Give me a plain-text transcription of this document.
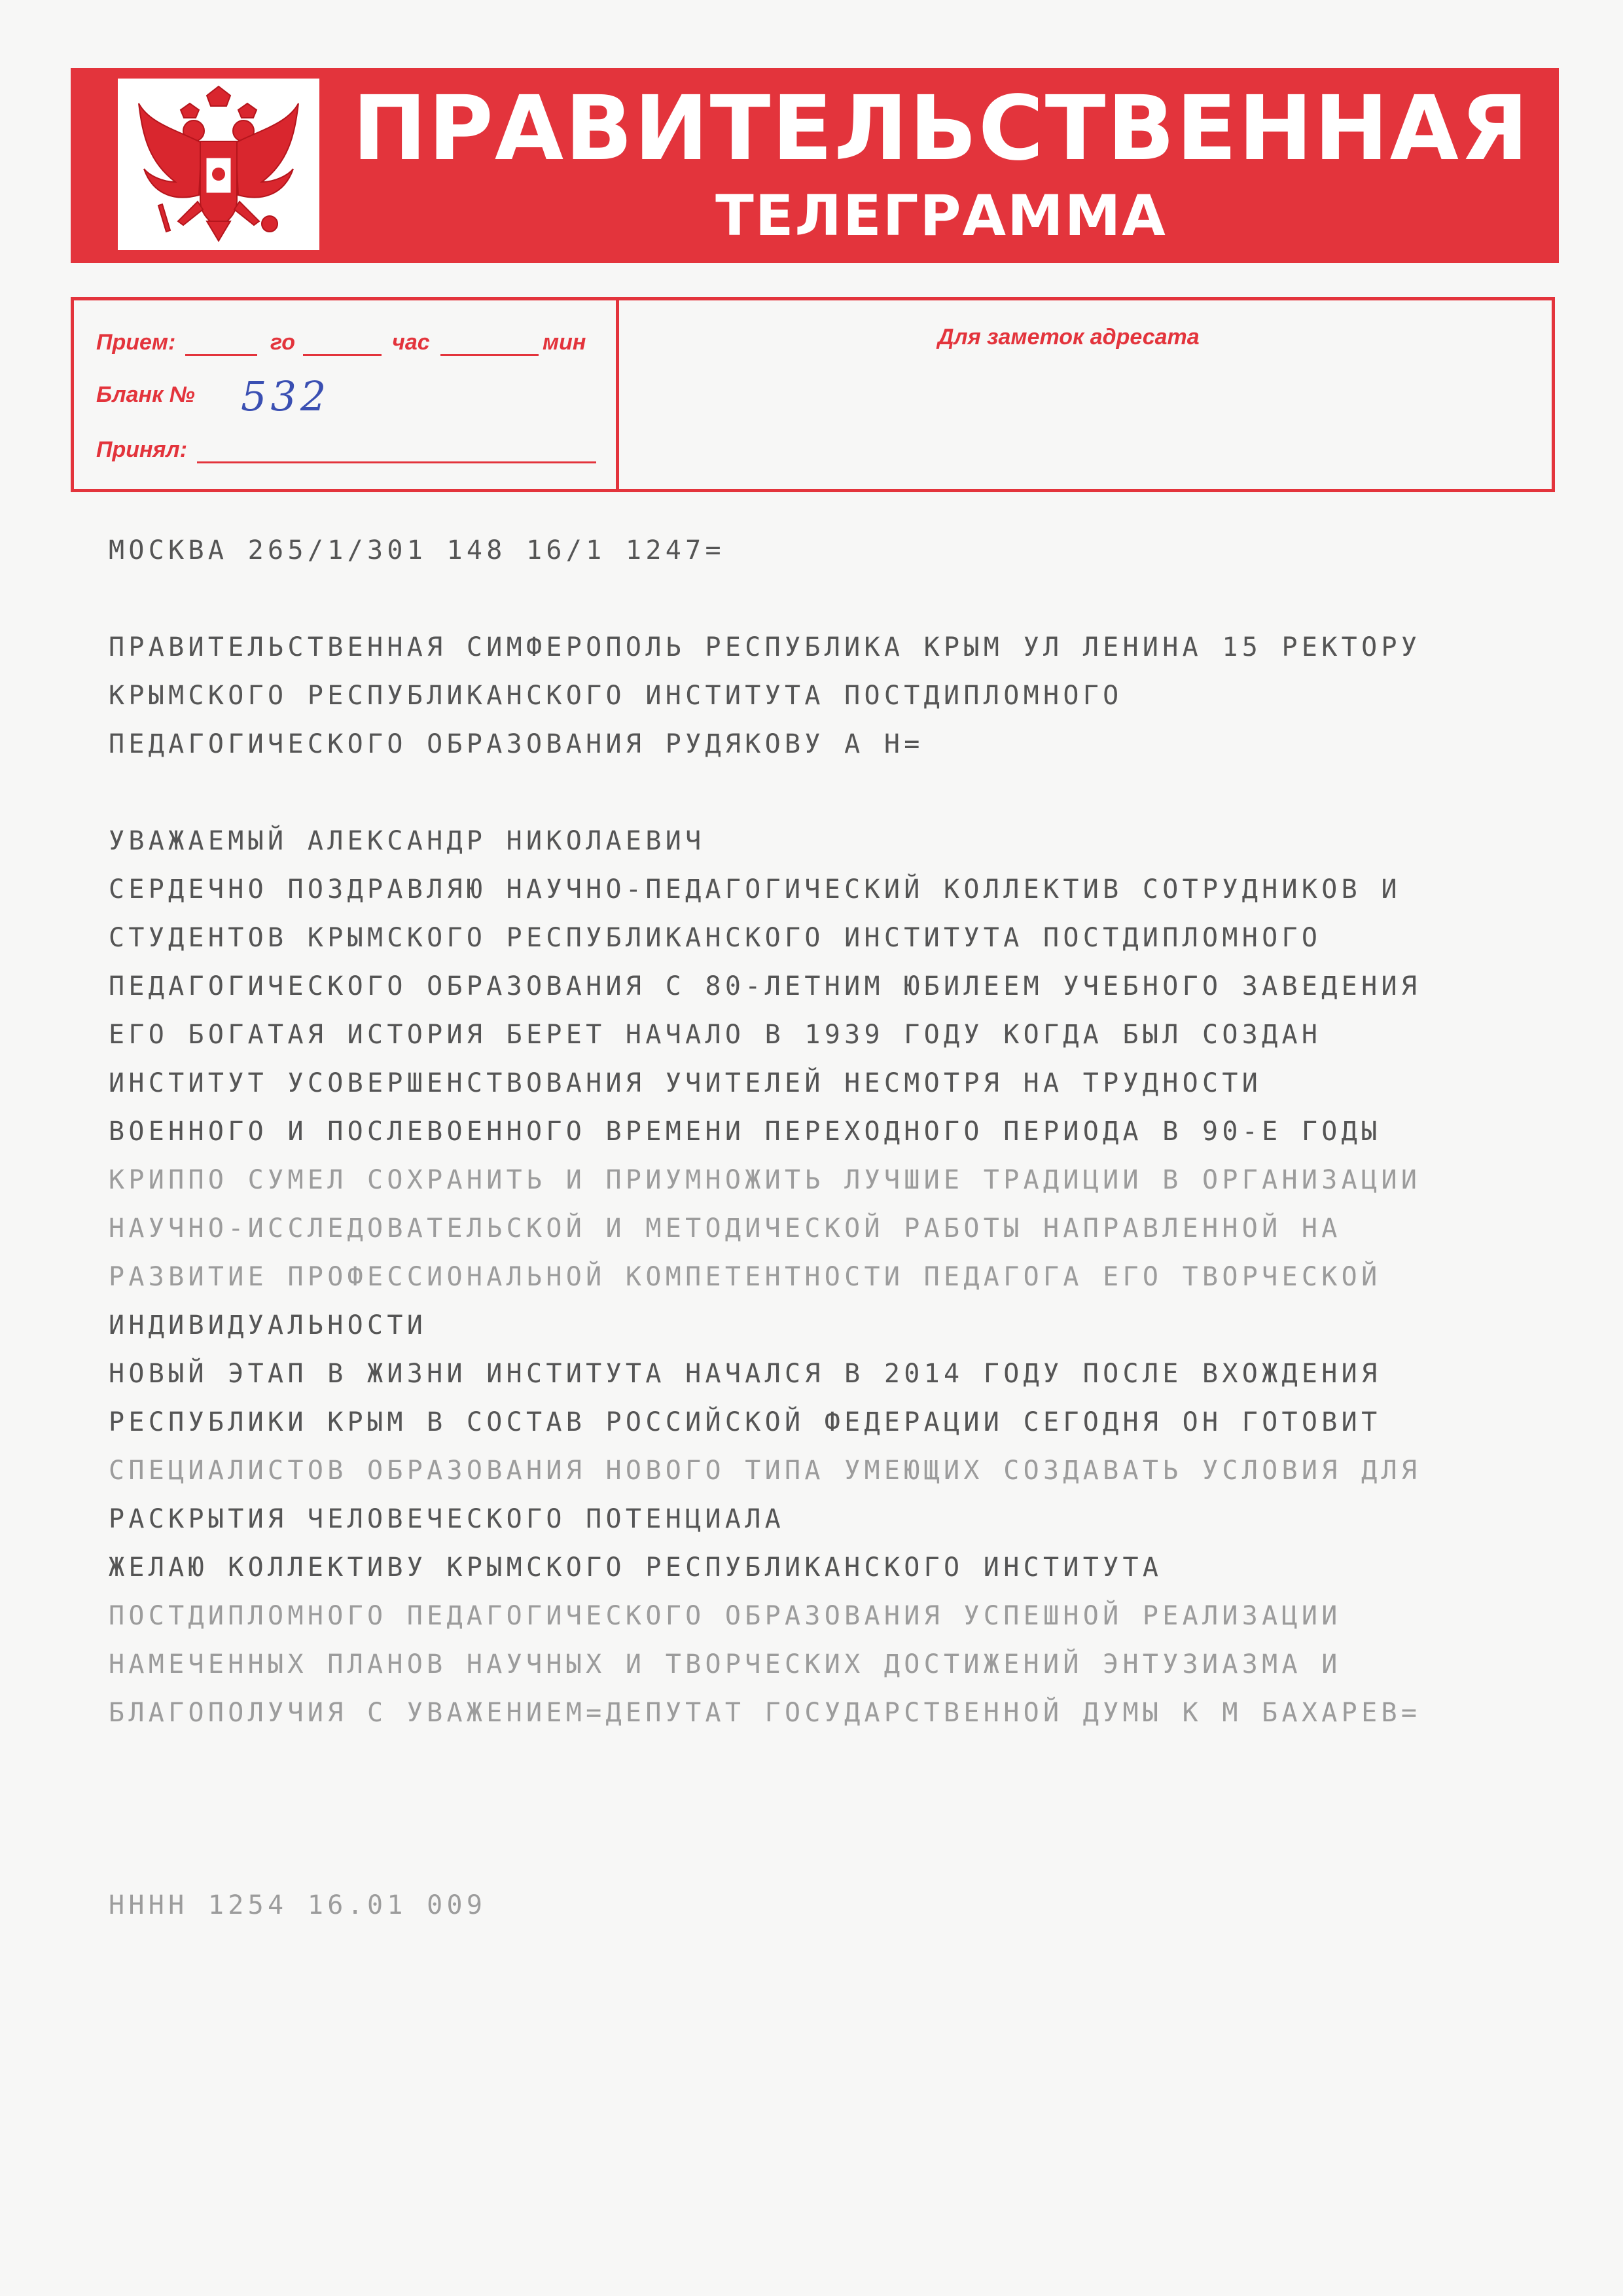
ПРАВИТЕЛЬСТВЕННАЯ
ТЕЛЕГРАММА
Прием:	го	час	мин
Бланк № 532
Принял:
Для заметок адресата
МОСКВА 265/1/301 148 16/1 1247=
ПРАВИТЕЛЬСТВЕННАЯ СИМФЕРОПОЛЬ РЕСПУБЛИКА КРЫМ УЛ ЛЕНИНА 15 РЕКТОРУ
КРЫМСКОГО РЕСПУБЛИКАНСКОГО ИНСТИТУТА ПОСТДИПЛОМНОГО
ПЕДАГОГИЧЕСКОГО ОБРАЗОВАНИЯ РУДЯКОВУ А Н=
УВАЖАЕМЫЙ АЛЕКСАНДР НИКОЛАЕВИЧ
СЕРДЕЧНО ПОЗДРАВЛЯЮ НАУЧНО-ПЕДАГОГИЧЕСКИЙ КОЛЛЕКТИВ СОТРУДНИКОВ И
СТУДЕНТОВ КРЫМСКОГО РЕСПУБЛИКАНСКОГО ИНСТИТУТА ПОСТДИПЛОМНОГО
ПЕДАГОГИЧЕСКОГО ОБРАЗОВАНИЯ С 80-ЛЕТНИМ ЮБИЛЕЕМ УЧЕБНОГО ЗАВЕДЕНИЯ
ЕГО БОГАТАЯ ИСТОРИЯ БЕРЕТ НАЧАЛО В 1939 ГОДУ КОГДА БЫЛ СОЗДАН
ИНСТИТУТ УСОВЕРШЕНСТВОВАНИЯ УЧИТЕЛЕЙ НЕСМОТРЯ НА ТРУДНОСТИ
ВОЕННОГО И ПОСЛЕВОЕННОГО ВРЕМЕНИ ПЕРЕХОДНОГО ПЕРИОДА В 90-Е ГОДЫ
КРИППО СУМЕЛ СОХРАНИТЬ И ПРИУМНОЖИТЬ ЛУЧШИЕ ТРАДИЦИИ В ОРГАНИЗАЦИИ
НАУЧНО-ИССЛЕДОВАТЕЛЬСКОЙ И МЕТОДИЧЕСКОЙ РАБОТЫ НАПРАВЛЕННОЙ НА
РАЗВИТИЕ ПРОФЕССИОНАЛЬНОЙ КОМПЕТЕНТНОСТИ ПЕДАГОГА ЕГО ТВОРЧЕСКОЙ
ИНДИВИДУАЛЬНОСТИ
НОВЫЙ ЭТАП В ЖИЗНИ ИНСТИТУТА НАЧАЛСЯ В 2014 ГОДУ ПОСЛЕ ВХОЖДЕНИЯ
РЕСПУБЛИКИ КРЫМ В СОСТАВ РОССИЙСКОЙ ФЕДЕРАЦИИ СЕГОДНЯ ОН ГОТОВИТ
СПЕЦИАЛИСТОВ ОБРАЗОВАНИЯ НОВОГО ТИПА УМЕЮЩИХ СОЗДАВАТЬ УСЛОВИЯ ДЛЯ
РАСКРЫТИЯ ЧЕЛОВЕЧЕСКОГО ПОТЕНЦИАЛА
ЖЕЛАЮ КОЛЛЕКТИВУ КРЫМСКОГО РЕСПУБЛИКАНСКОГО ИНСТИТУТА
ПОСТДИПЛОМНОГО ПЕДАГОГИЧЕСКОГО ОБРАЗОВАНИЯ УСПЕШНОЙ РЕАЛИЗАЦИИ
НАМЕЧЕННЫХ ПЛАНОВ НАУЧНЫХ И ТВОРЧЕСКИХ ДОСТИЖЕНИЙ ЭНТУЗИАЗМА И
БЛАГОПОЛУЧИЯ С УВАЖЕНИЕМ=ДЕПУТАТ ГОСУДАРСТВЕННОЙ ДУМЫ К М БАХАРЕВ=
НННН 1254 16.01 009
